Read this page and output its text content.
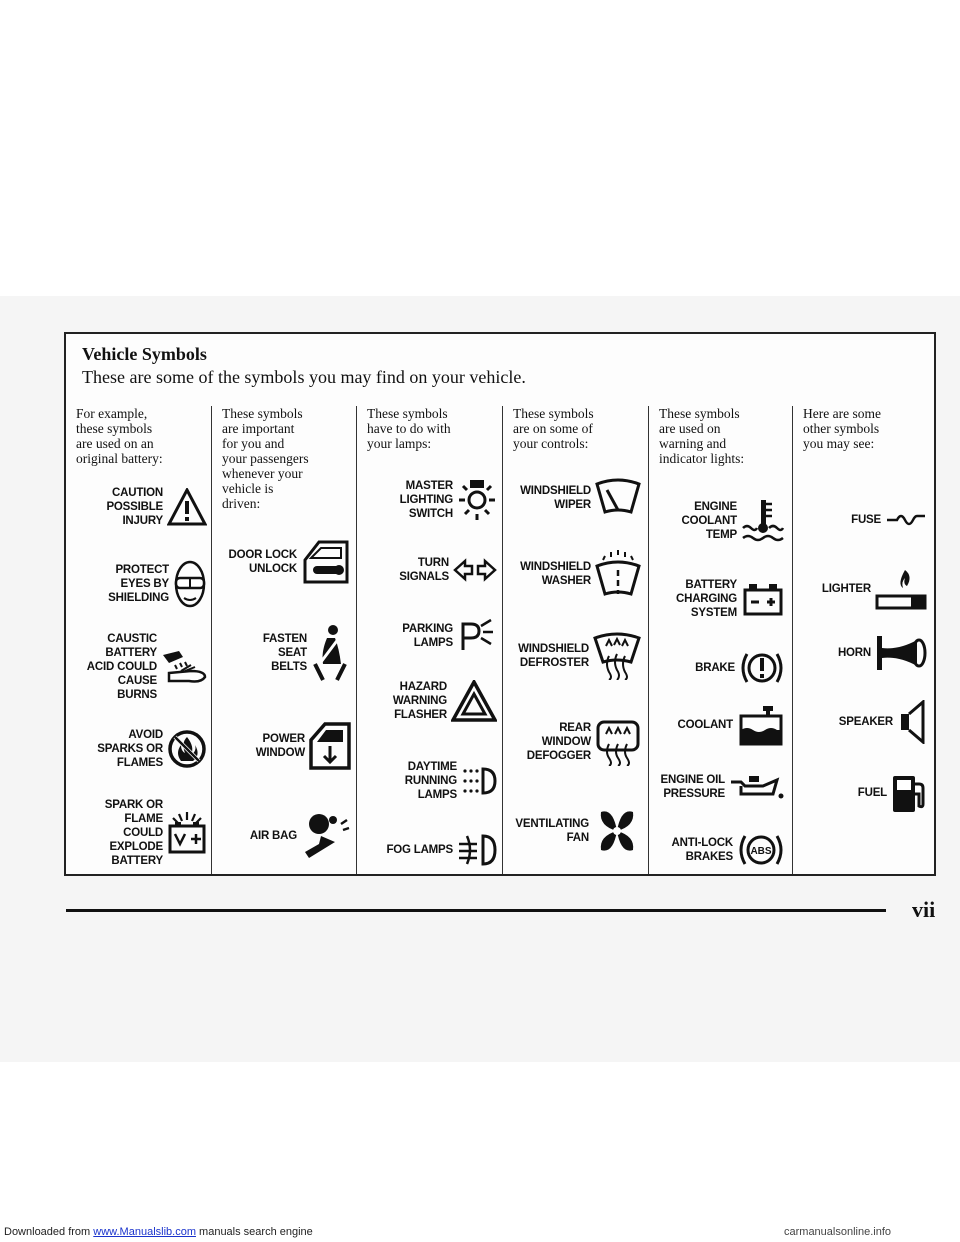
Vehicle Symbols
These are some of the symbols you may find on your vehicle.
For example,
these symbols
are used on an
original battery:
CAUTION
POSSIBLE
INJURY
PROTECT
EYES BY
SHIELDING
CAUSTIC
BATTERY
ACID COULD
CAUSE
BURNS
AVOID
SPARKS OR
FLAMES
SPARK OR
FLAME
COULD
EXPLODE
BATTERY
These symbols
are important
for you and
your passengers
whenever your
vehicle is
driven:
DOOR LOCK
UNLOCK
FASTEN
SEAT
BELTS
POWER
WINDOW
AIR BAG
These symbols
have to do with
your lamps:
MASTER
LIGHTING
SWITCH
TURN
SIGNALS
PARKING
LAMPS
HAZARD
WARNING
FLASHER
DAYTIME
RUNNING
LAMPS
FOG LAMPS
These symbols
are on some of
your controls:
WINDSHIELD
WIPER
WINDSHIELD
WASHER
WINDSHIELD
DEFROSTER
REAR
WINDOW
DEFOGGER
VENTILATING
FAN
These symbols
are used on
warning and
indicator lights:
ENGINE
COOLANT
TEMP
BATTERY
CHARGING
SYSTEM
BRAKE
COOLANT
ENGINE OIL
PRESSURE
ANTI-LOCK
BRAKES ABS
Here are some
other symbols
you may see:
FUSE
LIGHTER
HORN
SPEAKER
FUEL
vii
Downloaded from www.Manualslib.com manuals search engine	carmanualsonline.info
